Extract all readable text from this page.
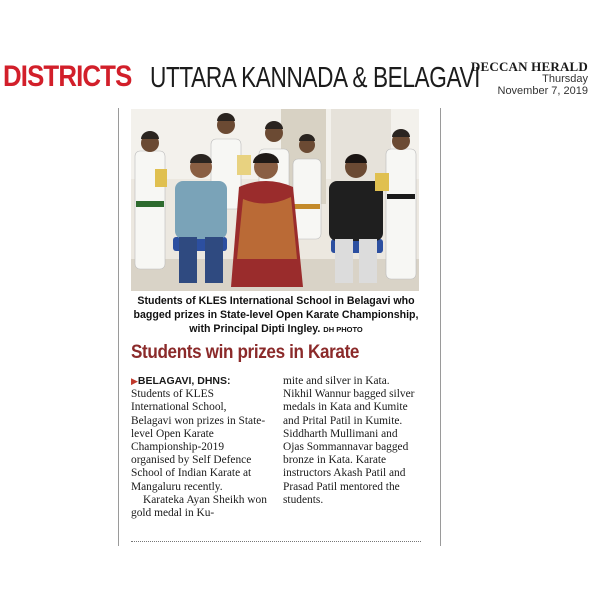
DISTRICTS UTTARA KANNADA & BELAGAVI
DECCAN HERALD
Thursday
November 7, 2019
Students of KLES International School in Belagavi who bagged prizes in State-level Open Karate Championship, with Principal Dipti Ingley. DH PHOTO
Students win prizes in Karate

▶BELAGAVI, DHNS: Students of KLES International School, Belagavi won prizes in State-level Open Karate Championship-2019 organised by Self Defence School of Indian Karate at Mangaluru recently.

Karateka Ayan Sheikh won gold medal in Ku-

mite and silver in Kata. Nikhil Wannur bagged silver medals in Kata and Kumite and Prital Patil in Kumite. Siddharth Mullimani and Ojas Sommannavar bagged bronze in Kata. Karate instructors Akash Patil and Prasad Patil mentored the students.
